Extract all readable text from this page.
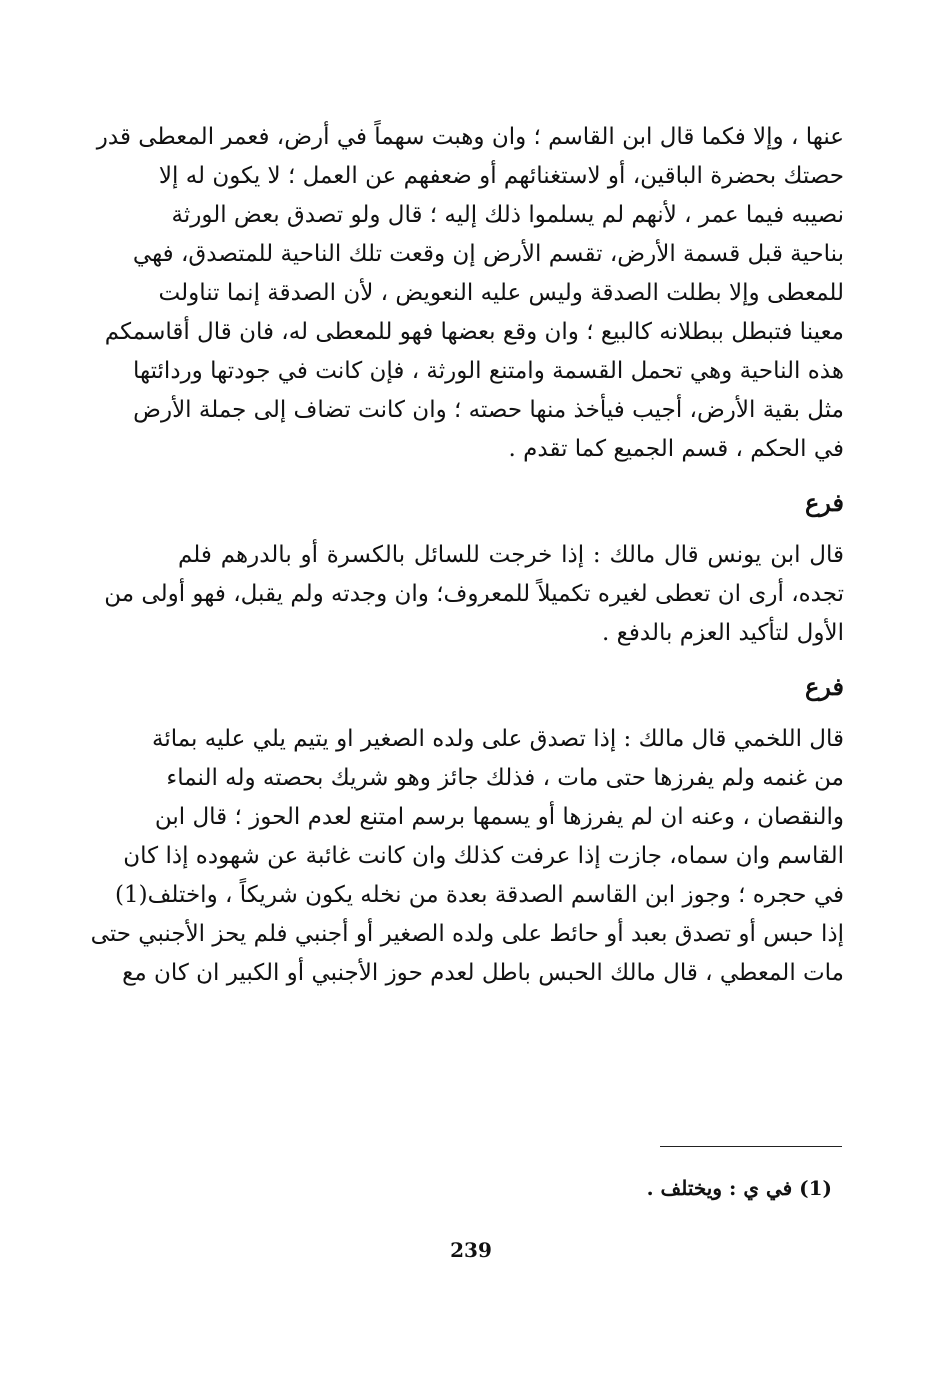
عنها ، وإلا فكما قال ابن القاسم ؛ وان وهبت سهماً في أرض، فعمر المعطى قدر
حصتك بحضرة الباقين، أو لاستغنائهم أو ضعفهم عن العمل ؛ لا يكون له إلا
نصيبه فيما عمر ، لأنهم لم يسلموا ذلك إليه ؛ قال ولو تصدق بعض الورثة
بناحية قبل قسمة الأرض، تقسم الأرض إن وقعت تلك الناحية للمتصدق، فهي
للمعطى وإلا بطلت الصدقة وليس عليه النعويض ، لأن الصدقة إنما تناولت
معينا فتبطل ببطلانه كالبيع ؛ وان وقع بعضها فهو للمعطى له، فان قال أقاسمكم
هذه الناحية وهي تحمل القسمة وامتنع الورثة ، فإن كانت في جودتها وردائتها
مثل بقية الأرض، أجيب فيأخذ منها حصته ؛ وان كانت تضاف إلى جملة الأرض
في الحكم ، قسم الجميع كما تقدم .
فرع
قال ابن يونس قال مالك : إذا خرجت للسائل بالكسرة أو بالدرهم فلم
تجده، أرى ان تعطى لغيره تكميلاً للمعروف؛ وان وجدته ولم يقبل، فهو أولى من
الأول لتأكيد العزم بالدفع .
فرع
قال اللخمي قال مالك : إذا تصدق على ولده الصغير او يتيم يلي عليه بمائة
من غنمه ولم يفرزها حتى مات ، فذلك جائز وهو شريك بحصته وله النماء
والنقصان ، وعنه ان لم يفرزها أو يسمها برسم امتنع لعدم الحوز ؛ قال ابن
القاسم وان سماه، جازت إذا عرفت كذلك وان كانت غائبة عن شهوده إذا كان
في حجره ؛ وجوز ابن القاسم الصدقة بعدة من نخله يكون شريكاً ، واختلف(1)
إذا حبس أو تصدق بعبد أو حائط على ولده الصغير أو أجنبي فلم يحز الأجنبي حتى
مات المعطي ، قال مالك الحبس باطل لعدم حوز الأجنبي أو الكبير ان كان مع
(1) في ي : ويختلف .
239
